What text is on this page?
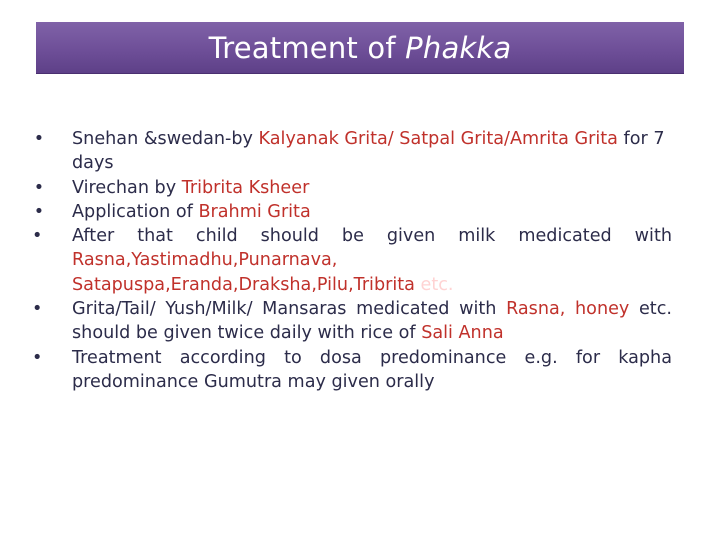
Treatment of Phakka
• Snehan &swedan-by Kalyanak Grita/ Satpal Grita/Amrita Grita for 7 days
• Virechan by Tribrita Ksheer
• Application of Brahmi Grita
• After that child should be given milk medicated with Rasna,Yastimadhu,Punarnava, Satapuspa,Eranda,Draksha,Pilu,Tribrita etc.
• Grita/Tail/ Yush/Milk/ Mansaras medicated with Rasna, honey etc. should be given twice daily with rice of Sali Anna
• Treatment according to dosa predominance e.g. for kapha predominance Gumutra may given orally
